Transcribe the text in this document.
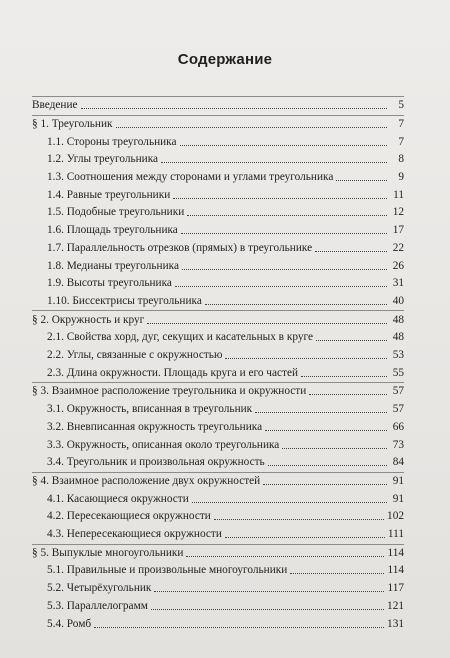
Содержание
Введение	5
§ 1. Треугольник	7
1.1. Стороны треугольника	7
1.2. Углы треугольника	8
1.3. Соотношения между сторонами и углами треугольника	9
1.4. Равные треугольники	11
1.5. Подобные треугольники	12
1.6. Площадь треугольника	17
1.7. Параллельность отрезков (прямых) в треугольнике	22
1.8. Медианы треугольника	26
1.9. Высоты треугольника	31
1.10. Биссектрисы треугольника	40
§ 2. Окружность и круг	48
2.1. Свойства хорд, дуг, секущих и касательных в круге	48
2.2. Углы, связанные с окружностью	53
2.3. Длина окружности. Площадь круга и его частей	55
§ 3. Взаимное расположение треугольника и окружности	57
3.1. Окружность, вписанная в треугольник	57
3.2. Вневписанная окружность треугольника	66
3.3. Окружность, описанная около треугольника	73
3.4. Треугольник и произвольная окружность	84
§ 4. Взаимное расположение двух окружностей	91
4.1. Касающиеся окружности	91
4.2. Пересекающиеся окружности	102
4.3. Непересекающиеся окружности	111
§ 5. Выпуклые многоугольники	114
5.1. Правильные и произвольные многоугольники	114
5.2. Четырёхугольник	117
5.3. Параллелограмм	121
5.4. Ромб	131
